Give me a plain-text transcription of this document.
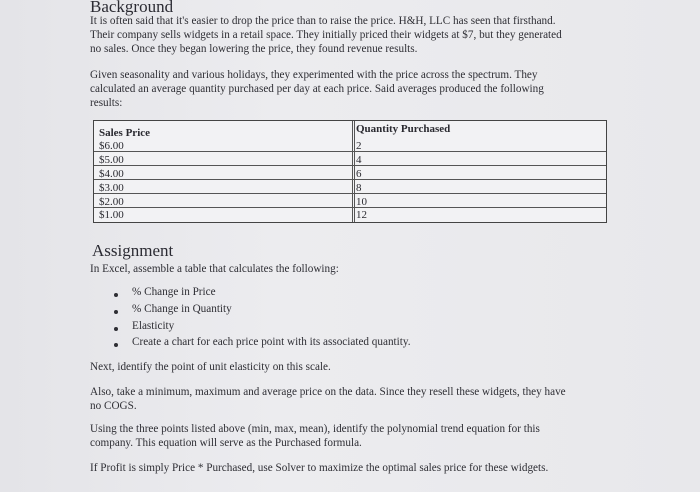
Background
It is often said that it's easier to drop the price than to raise the price. H&H, LLC has seen that firsthand.
Their company sells widgets in a retail space. They initially priced their widgets at $7, but they generated
no sales. Once they began lowering the price, they found revenue results.
Given seasonality and various holidays, they experimented with the price across the spectrum. They
calculated an average quantity purchased per day at each price. Said averages produced the following
results:
Sales Price	Quantity Purchased
$6.00	2
$5.00	4
$4.00	6
$3.00	8
$2.00	10
$1.00	12
Assignment
In Excel, assemble a table that calculates the following:
% Change in Price
% Change in Quantity
Elasticity
Create a chart for each price point with its associated quantity.
Next, identify the point of unit elasticity on this scale.
Also, take a minimum, maximum and average price on the data. Since they resell these widgets, they have
no COGS.
Using the three points listed above (min, max, mean), identify the polynomial trend equation for this
company. This equation will serve as the Purchased formula.
If Profit is simply Price * Purchased, use Solver to maximize the optimal sales price for these widgets.
